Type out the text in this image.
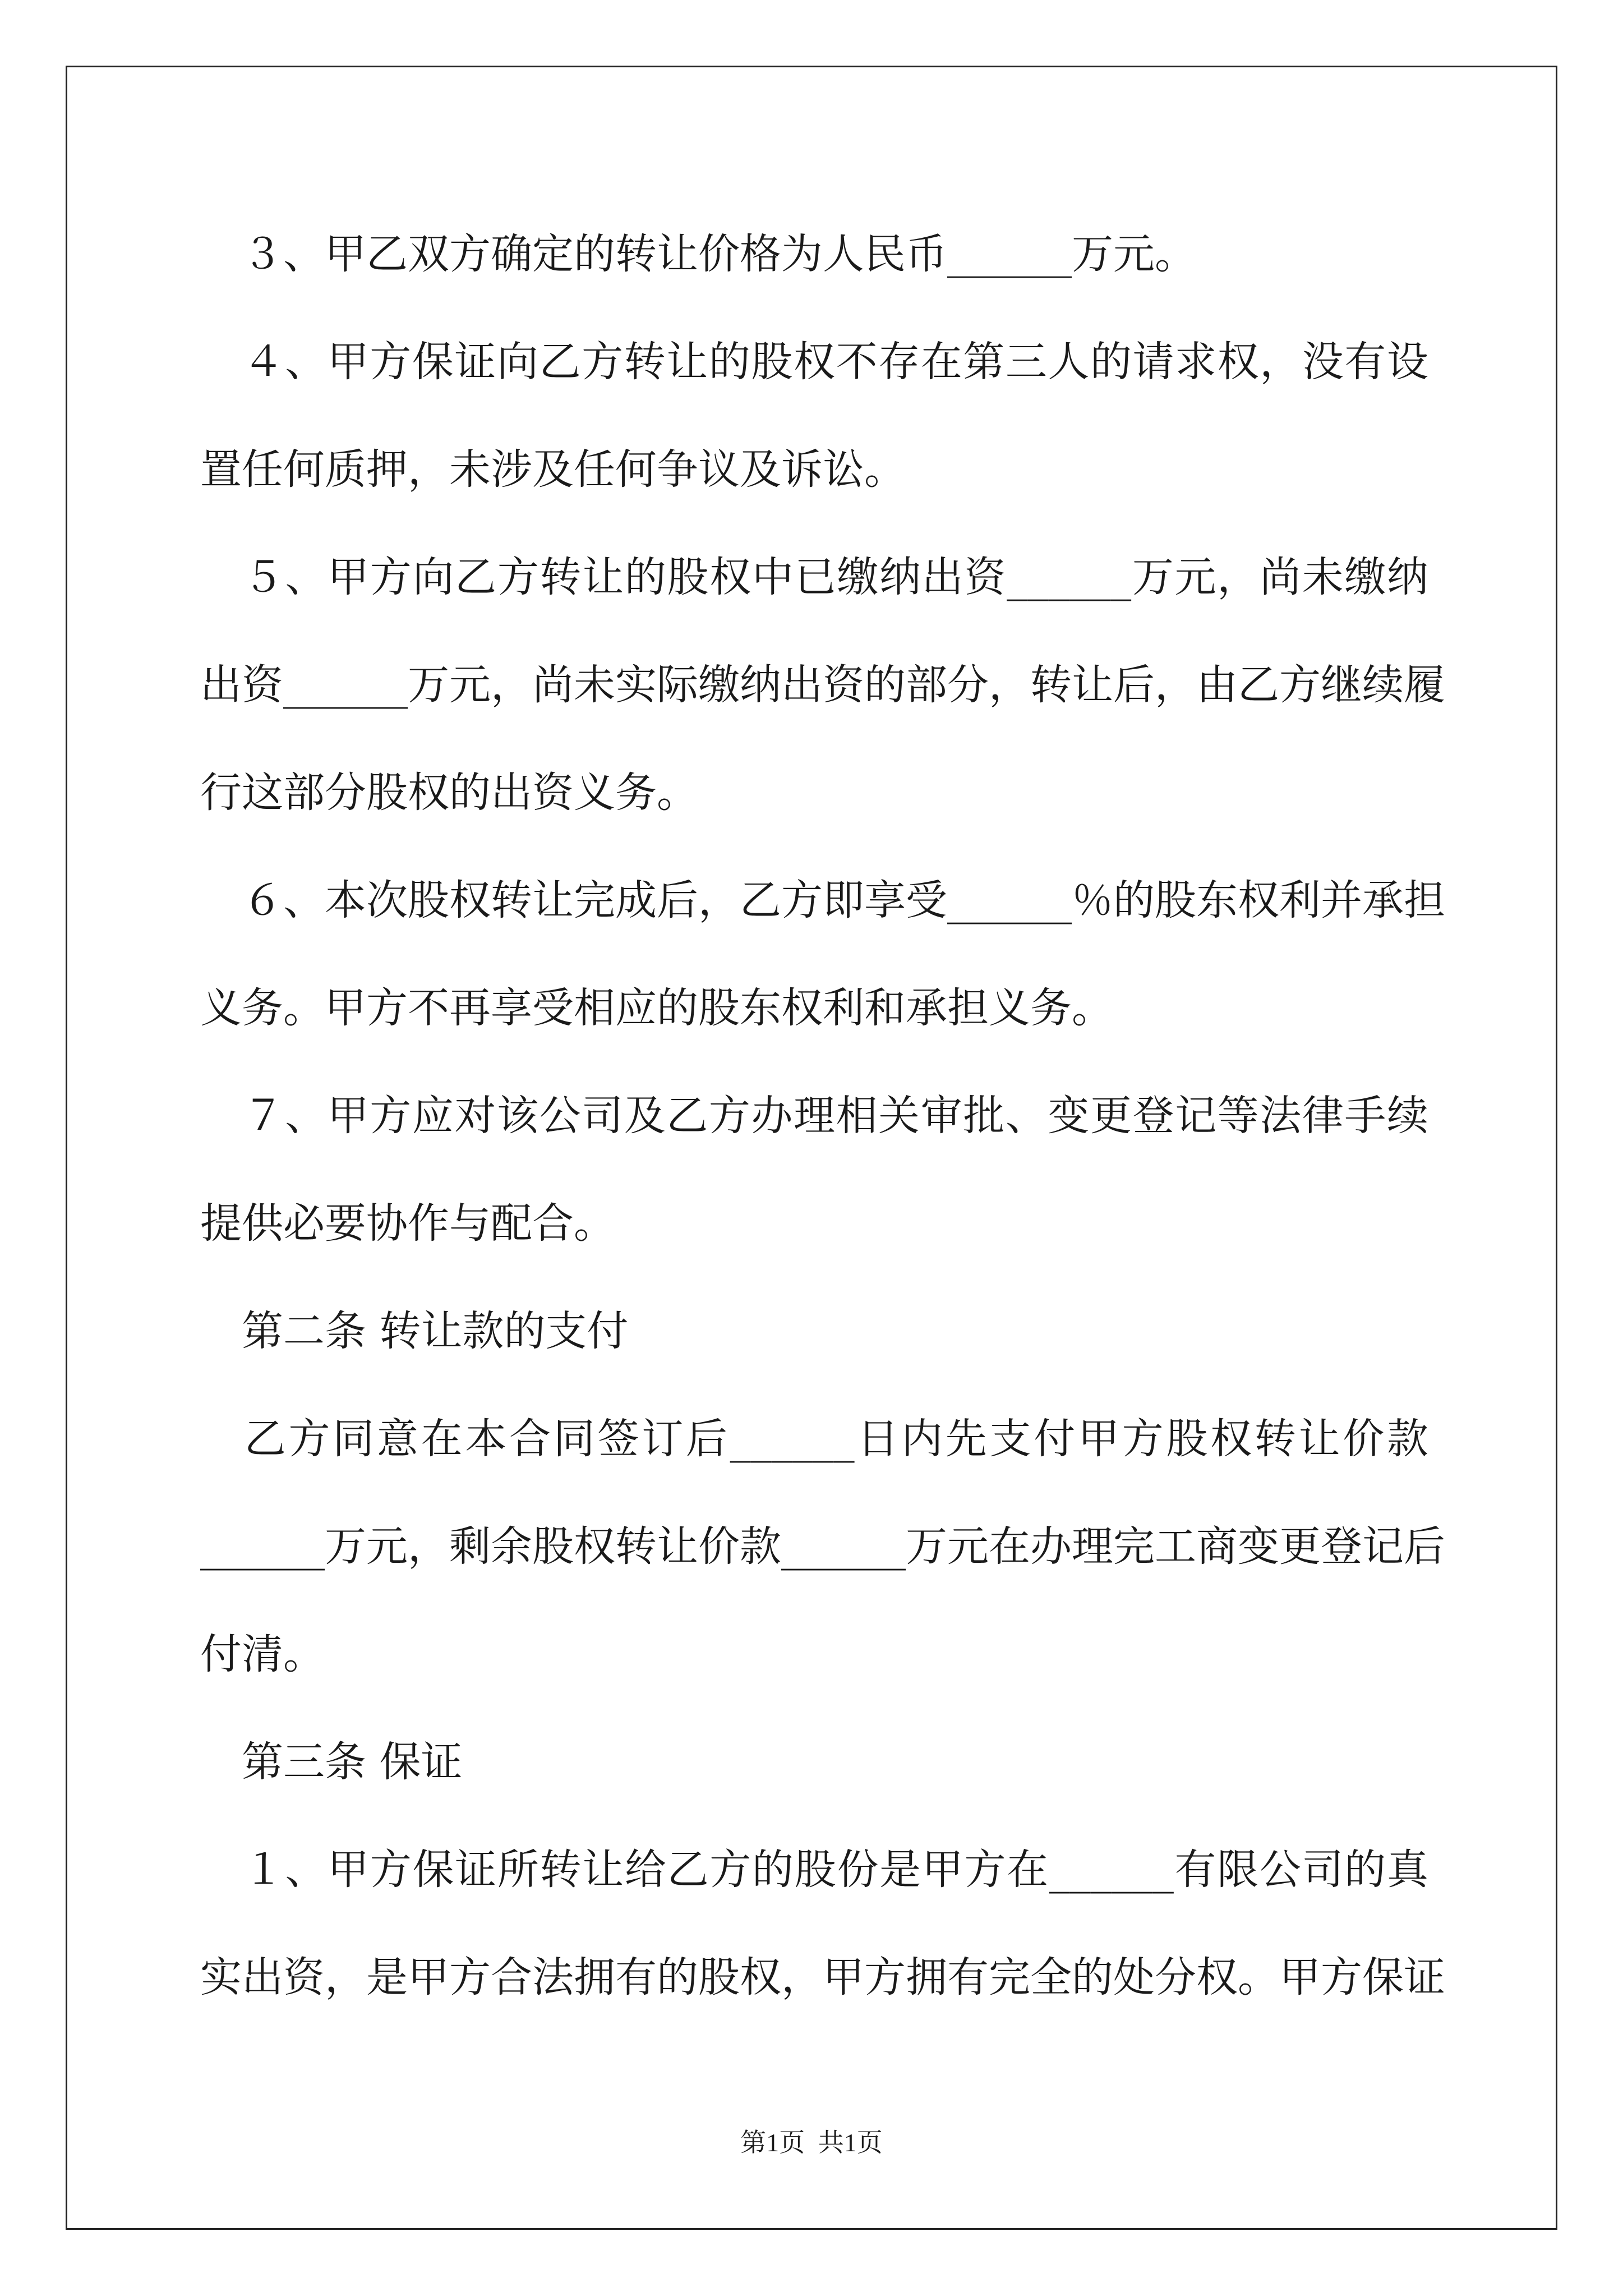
　３、甲乙双方确定的转让价格为人民币______万元。
　４、甲方保证向乙方转让的股权不存在第三人的请求权，没有设
置任何质押，未涉及任何争议及诉讼。
　５、甲方向乙方转让的股权中已缴纳出资______万元，尚未缴纳
出资______万元，尚未实际缴纳出资的部分，转让后，由乙方继续履
行这部分股权的出资义务。
　６、本次股权转让完成后，乙方即享受______％的股东权利并承担
义务。甲方不再享受相应的股东权利和承担义务。
　７、甲方应对该公司及乙方办理相关审批、变更登记等法律手续
提供必要协作与配合。
　第二条 转让款的支付
　乙方同意在本合同签订后______日内先支付甲方股权转让价款
______万元，剩余股权转让价款______万元在办理完工商变更登记后
付清。
　第三条 保证
　１、甲方保证所转让给乙方的股份是甲方在______有限公司的真
实出资，是甲方合法拥有的股权，甲方拥有完全的处分权。甲方保证
第1页 共1页
